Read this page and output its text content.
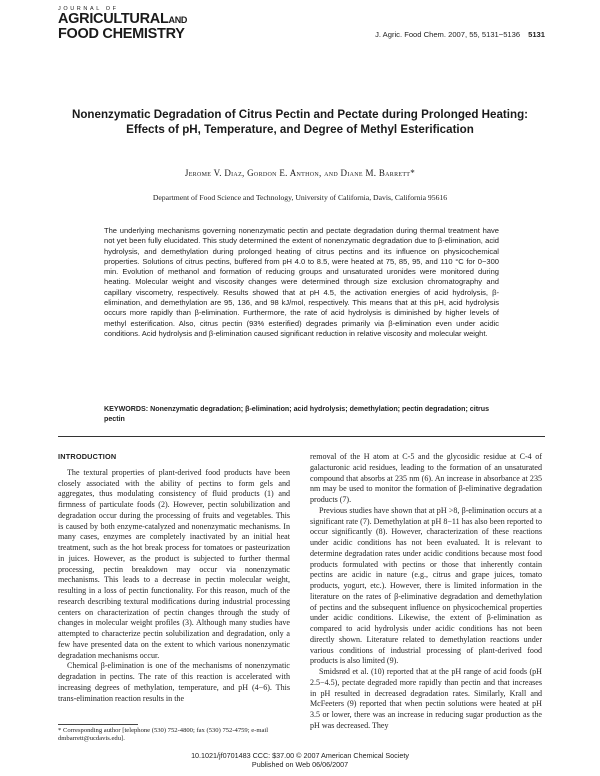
JOURNAL OF
AGRICULTURALAND
FOOD CHEMISTRY	J. Agric. Food Chem. 2007, 55, 5131−5136 5131
Nonenzymatic Degradation of Citrus Pectin and Pectate during Prolonged Heating: Effects of pH, Temperature, and Degree of Methyl Esterification
Jerome V. Diaz, Gordon E. Anthon, and Diane M. Barrett*
Department of Food Science and Technology, University of California, Davis, California 95616
The underlying mechanisms governing nonenzymatic pectin and pectate degradation during thermal treatment have not yet been fully elucidated. This study determined the extent of nonenzymatic degradation due to β-elimination, acid hydrolysis, and demethylation during prolonged heating of citrus pectins and its influence on physicochemical properties. Solutions of citrus pectins, buffered from pH 4.0 to 8.5, were heated at 75, 85, 95, and 110 °C for 0−300 min. Evolution of methanol and formation of reducing groups and unsaturated uronides were monitored during heating. Molecular weight and viscosity changes were determined through size exclusion chromatography and capillary viscometry, respectively. Results showed that at pH 4.5, the activation energies of acid hydrolysis, β-elimination, and demethylation are 95, 136, and 98 kJ/mol, respectively. This means that at this pH, acid hydrolysis occurs more rapidly than β-elimination. Furthermore, the rate of acid hydrolysis is diminished by higher levels of methyl esterification. Also, citrus pectin (93% esterified) degrades primarily via β-elimination even under acidic conditions. Acid hydrolysis and β-elimination caused significant reduction in relative viscosity and molecular weight.
KEYWORDS: Nonenzymatic degradation; β-elimination; acid hydrolysis; demethylation; pectin degradation; citrus pectin
INTRODUCTION

The textural properties of plant-derived food products have been closely associated with the ability of pectins to form gels and aggregates, thus modulating consistency of fluid products (1) and firmness of particulate foods (2). However, pectin solubilization and degradation occur during the processing of fruits and vegetables. This is caused by both enzyme-catalyzed and nonenzymatic mechanisms. In many cases, enzymes are completely inactivated by an initial heat treatment, such as the hot break process for tomatoes or pasteurization in juices. However, as the product is subjected to further thermal processing, pectin breakdown may occur via nonenzymatic mechanisms. This leads to a decrease in pectin molecular weight, resulting in a loss of pectin functionality. For this reason, much of the research describing textural modifications during industrial processing centers on characterization of pectin changes through the study of changes in molecular weight profiles (3). Although many studies have attempted to characterize pectin solubilization and degradation, only a few have presented data on the extent to which various nonenzymatic degradation mechanisms occur.

Chemical β-elimination is one of the mechanisms of nonenzymatic degradation in pectins. The rate of this reaction is accelerated with increasing degrees of methylation, temperature, and pH (4−6). This trans-elimination reaction results in the

removal of the H atom at C-5 and the glycosidic residue at C-4 of galacturonic acid residues, leading to the formation of an unsaturated compound that absorbs at 235 nm (6). An increase in absorbance at 235 nm may be used to monitor the formation of β-eliminative degradation products (7).

Previous studies have shown that at pH >8, β-elimination occurs at a significant rate (7). Demethylation at pH 8−11 has also been reported to occur significantly (8). However, characterization of these reactions under acidic conditions has not been evaluated. It is relevant to determine degradation rates under acidic conditions because most food products formulated with pectins or those that inherently contain pectins are acidic in nature (e.g., citrus and grape juices, tomato products, yogurt, etc.). However, there is limited information in the literature on the rates of β-eliminative degradation and demethylation of pectins and the subsequent influence on physicochemical properties under acidic conditions. Likewise, the extent of β-elimination as compared to acid hydrolysis under acidic conditions has not been directly shown. Literature related to demethylation reactions under various conditions of industrial processing of plant-derived food products is also limited (9).

Smidsrød et al. (10) reported that at the pH range of acid foods (pH 2.5−4.5), pectate degraded more rapidly than pectin and that increases in pH resulted in decreased degradation rates. Similarly, Krall and McFeeters (9) reported that when pectin solutions were heated at pH 3.5 or lower, there was an increase in reducing sugar production as the pH was decreased. They

* Corresponding author [telephone (530) 752-4800; fax (530) 752-4759; e-mail dmbarrett@ucdavis.edu].
10.1021/jf0701483 CCC: $37.00 © 2007 American Chemical Society
Published on Web 06/06/2007
